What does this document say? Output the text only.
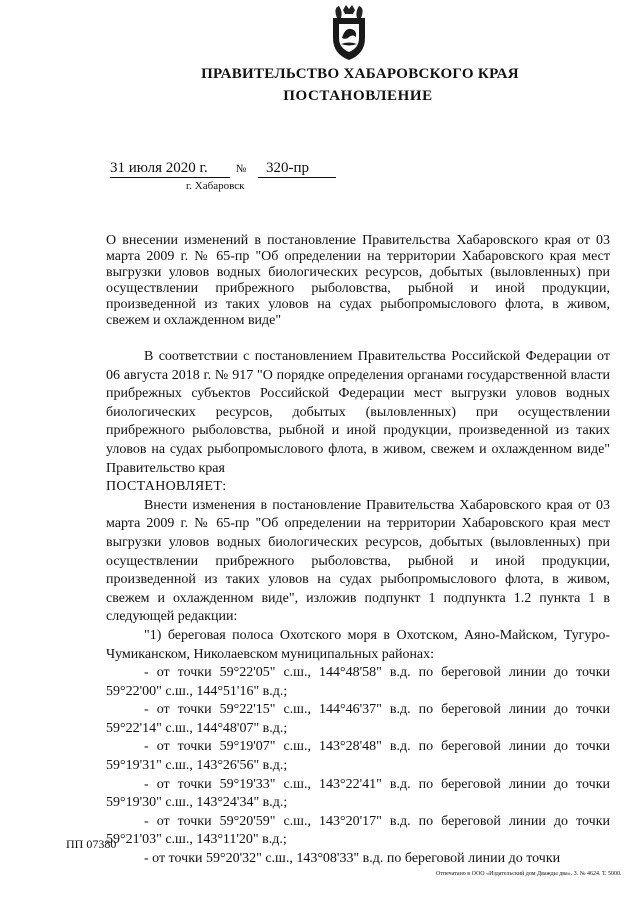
ПРАВИТЕЛЬСТВО ХАБАРОВСКОГО КРАЯ
ПОСТАНОВЛЕНИЕ
31 июля 2020 г.	№ 320-пр
г. Хабаровск

О внесении изменений в постановление Правительства Хабаровского края от 03 марта 2009 г. № 65-пр "Об определении на территории Хабаровского края мест выгрузки уловов водных биологических ресурсов, добытых (выловленных) при осуществлении прибрежного рыболовства, рыбной и иной продукции, произведенной из таких уловов на судах рыбопромыслового флота, в живом, свежем и охлажденном виде"

В соответствии с постановлением Правительства Российской Федерации от 06 августа 2018 г. № 917 "О порядке определения органами государственной власти прибрежных субъектов Российской Федерации мест выгрузки уловов водных биологических ресурсов, добытых (выловленных) при осуществлении прибрежного рыболовства, рыбной и иной продукции, произведенной из таких уловов на судах рыбопромыслового флота, в живом, свежем и охлажденном виде" Правительство края

ПОСТАНОВЛЯЕТ:

Внести изменения в постановление Правительства Хабаровского края от 03 марта 2009 г. № 65-пр "Об определении на территории Хабаровского края мест выгрузки уловов водных биологических ресурсов, добытых (выловленных) при осуществлении прибрежного рыболовства, рыбной и иной продукции, произведенной из таких уловов на судах рыбопромыслового флота, в живом, свежем и охлажденном виде", изложив подпункт 1 подпункта 1.2 пункта 1 в следующей редакции:

"1) береговая полоса Охотского моря в Охотском, Аяно-Майском, Тугуро-Чумиканском, Николаевском муниципальных районах:

- от точки 59°22'05" с.ш., 144°48'58" в.д. по береговой линии до точки 59°22'00" с.ш., 144°51'16" в.д.;

- от точки 59°22'15" с.ш., 144°46'37" в.д. по береговой линии до точки 59°22'14" с.ш., 144°48'07" в.д.;

- от точки 59°19'07" с.ш., 143°28'48" в.д. по береговой линии до точки 59°19'31" с.ш., 143°26'56" в.д.;

- от точки 59°19'33" с.ш., 143°22'41" в.д. по береговой линии до точки 59°19'30" с.ш., 143°24'34" в.д.;

- от точки 59°20'59" с.ш., 143°20'17" в.д. по береговой линии до точки 59°21'03" с.ш., 143°11'20" в.д.;

- от точки 59°20'32" с.ш., 143°08'33" в.д. по береговой линии до точки

ПП 07380
Отпечатано в ООО «Издательский дом Дважды два». З. № 4624. Т. 5000.
